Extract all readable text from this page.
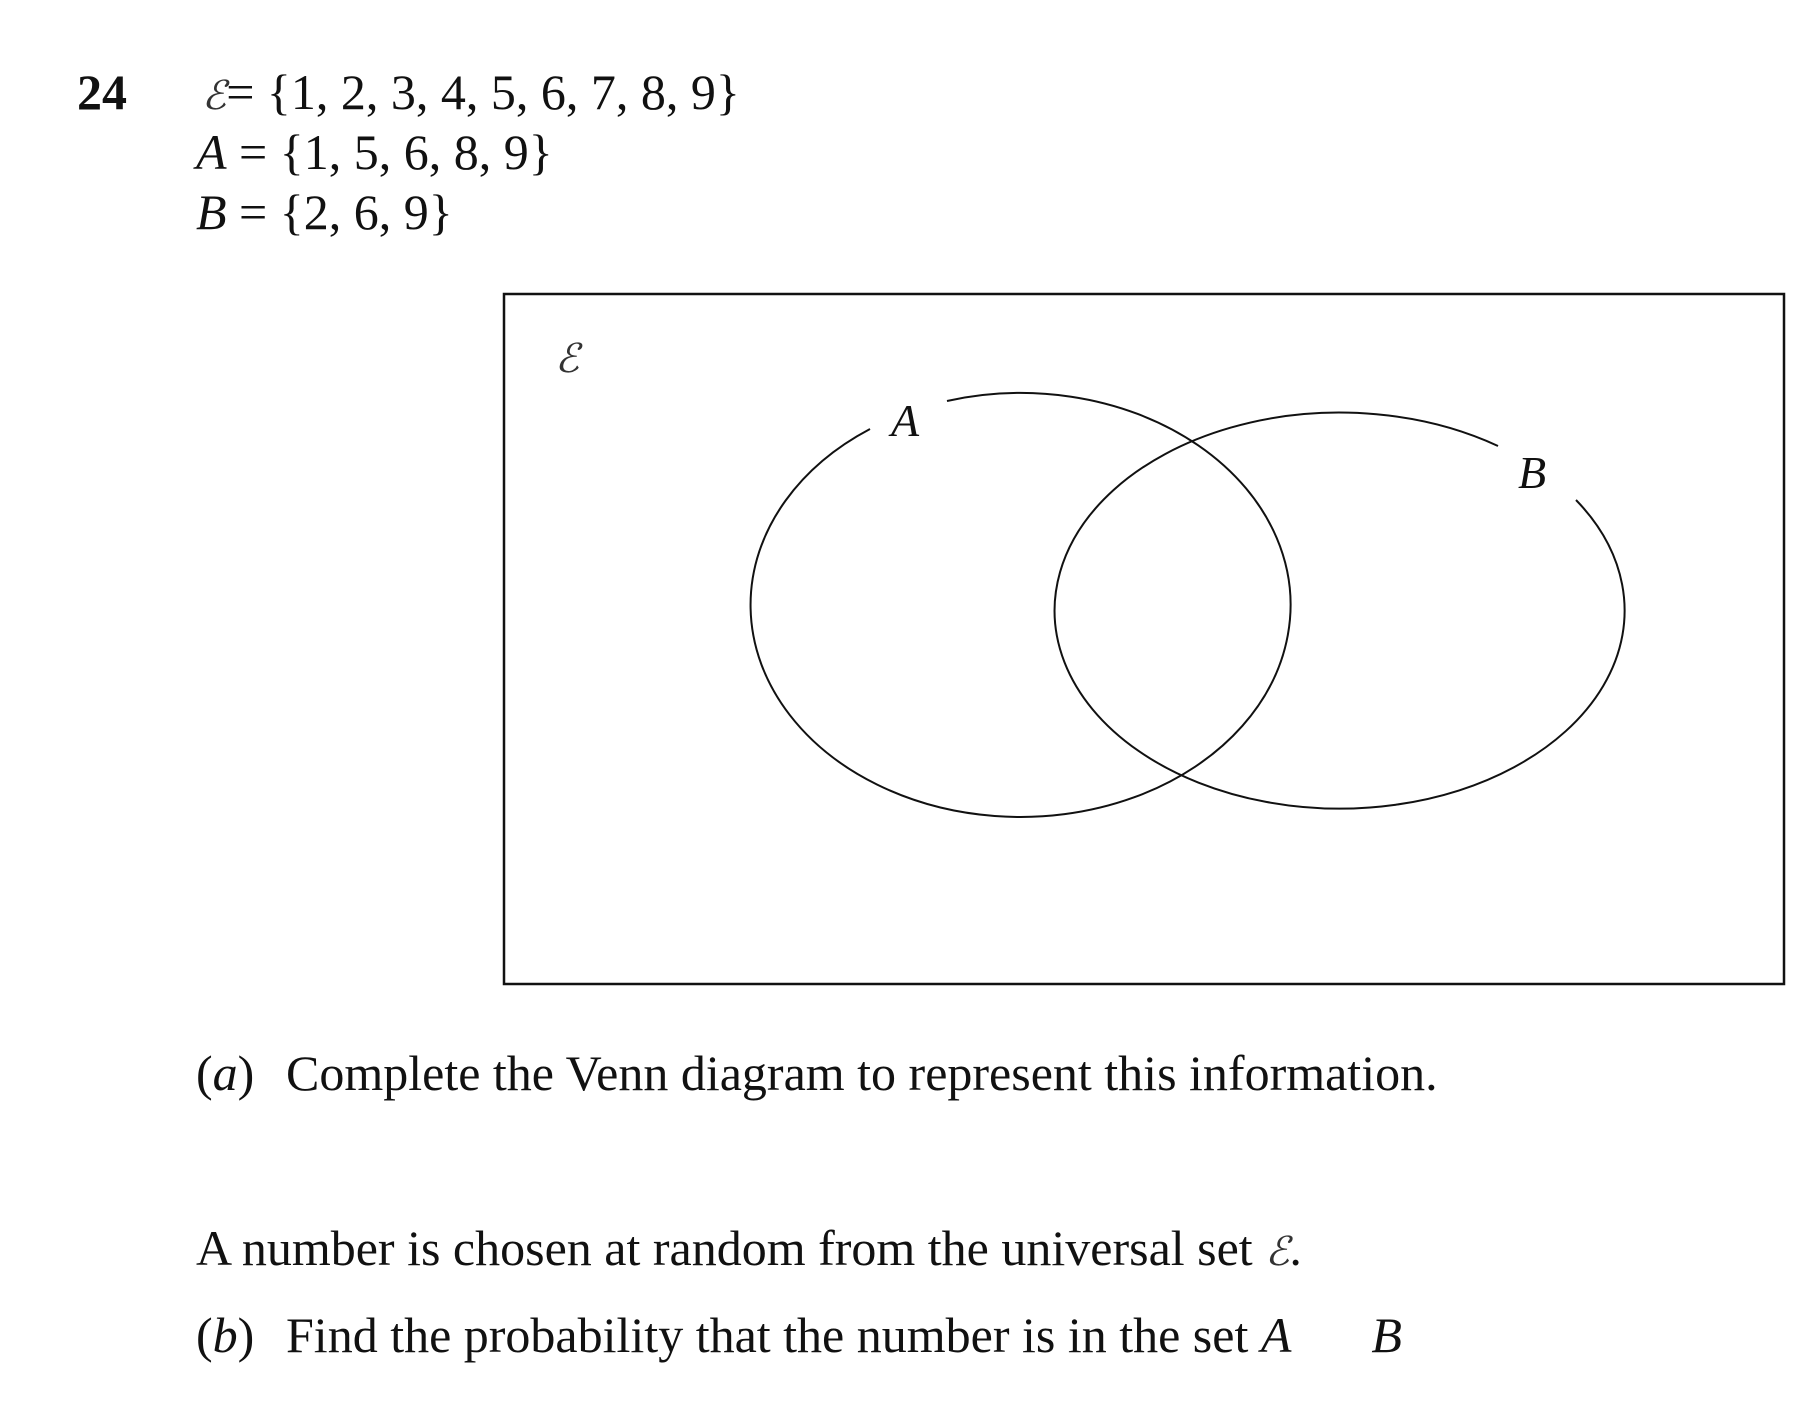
24 ℰ= {1, 2, 3, 4, 5, 6, 7, 8, 9}
A = {1, 5, 6, 8, 9}
B = {2, 6, 9}
ℰ
A
B
(a) Complete the Venn diagram to represent this information.
A number is chosen at random from the universal set ℰ.
(b) Find the probability that the number is in the set A B
